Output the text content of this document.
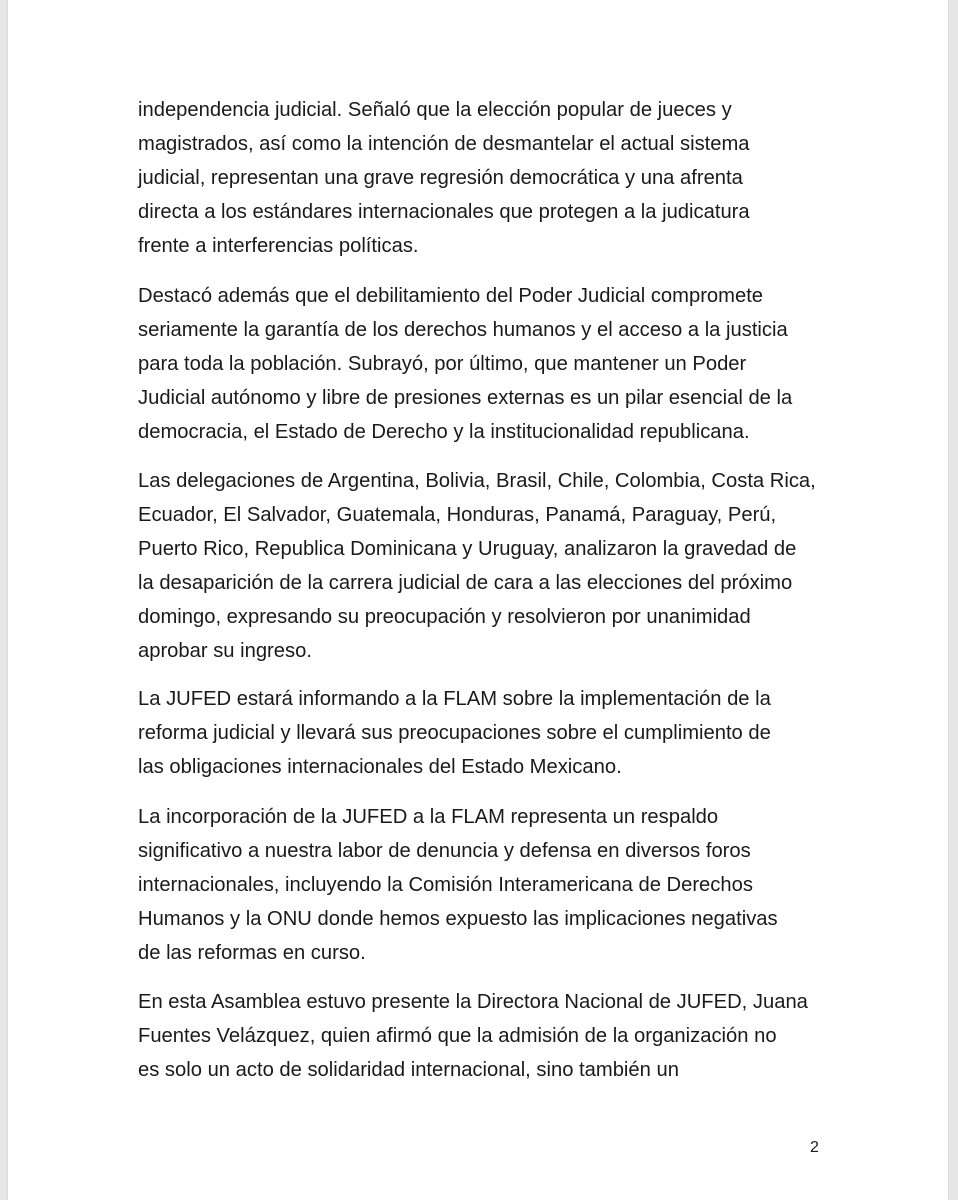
independencia judicial. Señaló que la elección popular de jueces y
magistrados, así como la intención de desmantelar el actual sistema
judicial, representan una grave regresión democrática y una afrenta
directa a los estándares internacionales que protegen a la judicatura
frente a interferencias políticas.
Destacó además que el debilitamiento del Poder Judicial compromete
seriamente la garantía de los derechos humanos y el acceso a la justicia
para toda la población. Subrayó, por último, que mantener un Poder
Judicial autónomo y libre de presiones externas es un pilar esencial de la
democracia, el Estado de Derecho y la institucionalidad republicana.
Las delegaciones de Argentina, Bolivia, Brasil, Chile, Colombia, Costa Rica,
Ecuador, El Salvador, Guatemala, Honduras, Panamá, Paraguay, Perú,
Puerto Rico, Republica Dominicana y Uruguay, analizaron la gravedad de
la desaparición de la carrera judicial de cara a las elecciones del próximo
domingo, expresando su preocupación y resolvieron por unanimidad
aprobar su ingreso.
La JUFED estará informando a la FLAM sobre la implementación de la
reforma judicial y llevará sus preocupaciones sobre el cumplimiento de
las obligaciones internacionales del Estado Mexicano.
La incorporación de la JUFED a la FLAM representa un respaldo
significativo a nuestra labor de denuncia y defensa en diversos foros
internacionales, incluyendo la Comisión Interamericana de Derechos
Humanos y la ONU donde hemos expuesto las implicaciones negativas
de las reformas en curso.
En esta Asamblea estuvo presente la Directora Nacional de JUFED, Juana
Fuentes Velázquez, quien afirmó que la admisión de la organización no
es solo un acto de solidaridad internacional, sino también un
2
